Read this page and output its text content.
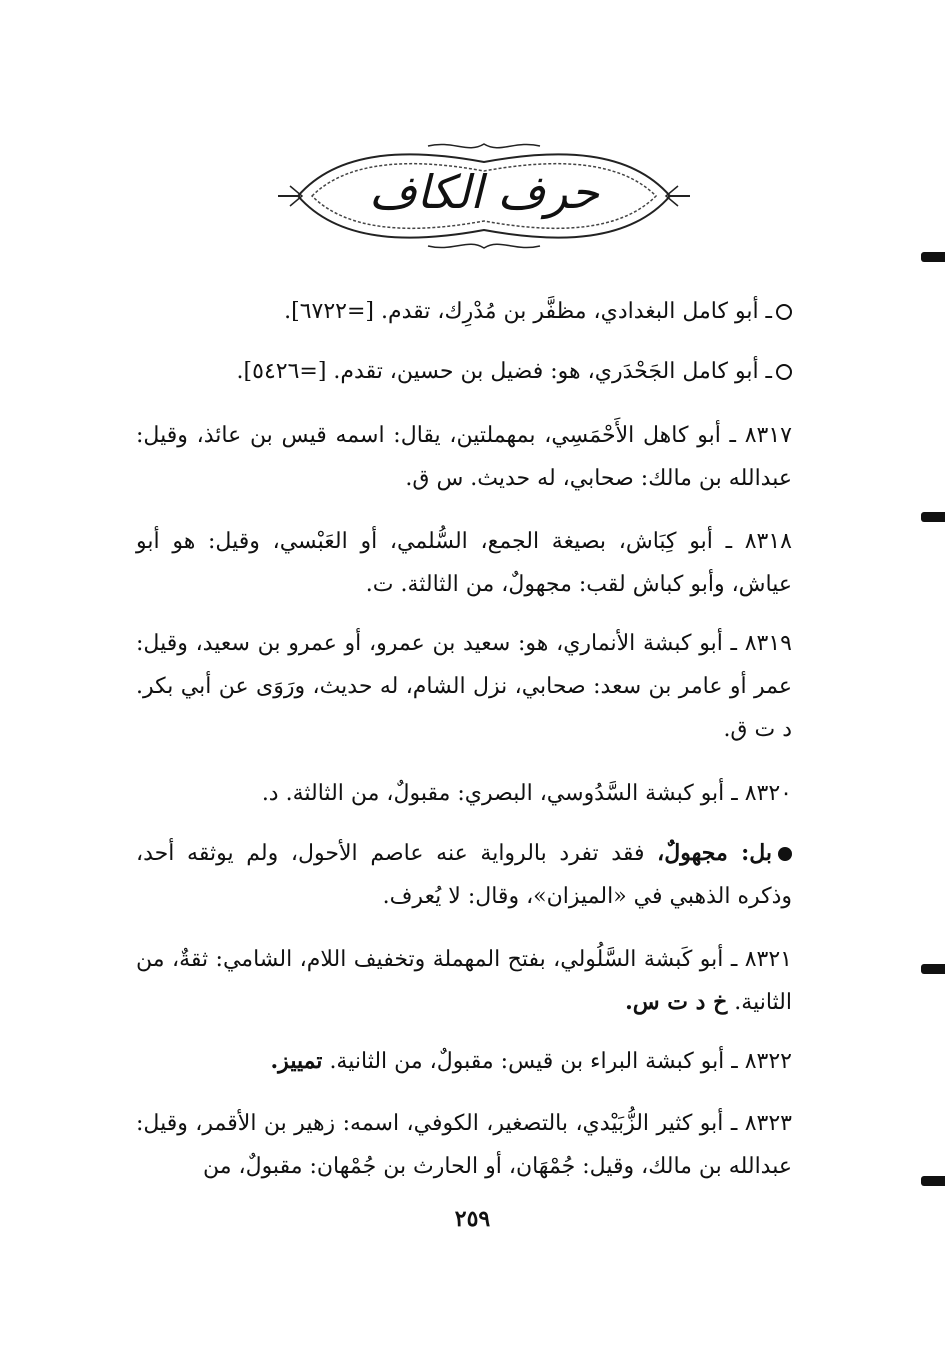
حرف الكاف
ـ أبو كامل البغدادي، مظفَّر بن مُدْرِك، تقدم. [=٦٧٢٢].
ـ أبو كامل الجَحْدَري، هو: فضيل بن حسين، تقدم. [=٥٤٢٦].
٨٣١٧ ـ أبو كاهل الأَحْمَسِي، بمهملتين، يقال: اسمه قيس بن عائذ، وقيل: عبدالله بن مالك: صحابي، له حديث. س ق.
٨٣١٨ ـ أبو كِبَاش، بصيغة الجمع، السُّلمي، أو العَبْسي، وقيل: هو أبو عياش، وأبو كباش لقب: مجهولٌ، من الثالثة. ت.
٨٣١٩ ـ أبو كبشة الأنماري، هو: سعيد بن عمرو، أو عمرو بن سعيد، وقيل: عمر أو عامر بن سعد: صحابي، نزل الشام، له حديث، ورَوَى عن أبي بكر. د ت ق.
٨٣٢٠ ـ أبو كبشة السَّدُوسي، البصري: مقبولٌ، من الثالثة. د.
بل: مجهولٌ، فقد تفرد بالرواية عنه عاصم الأحول، ولم يوثقه أحد، وذكره الذهبي في «الميزان»، وقال: لا يُعرف.
٨٣٢١ ـ أبو كَبشة السَّلُولي، بفتح المهملة وتخفيف اللام، الشامي: ثقةٌ، من الثانية. خ د ت س.
٨٣٢٢ ـ أبو كبشة البراء بن قيس: مقبولٌ، من الثانية. تمييز.
٨٣٢٣ ـ أبو كثير الزُّبَيْدي، بالتصغير، الكوفي، اسمه: زهير بن الأقمر، وقيل: عبدالله بن مالك، وقيل: جُمْهَان، أو الحارث بن جُمْهان: مقبولٌ، من
٢٥٩
